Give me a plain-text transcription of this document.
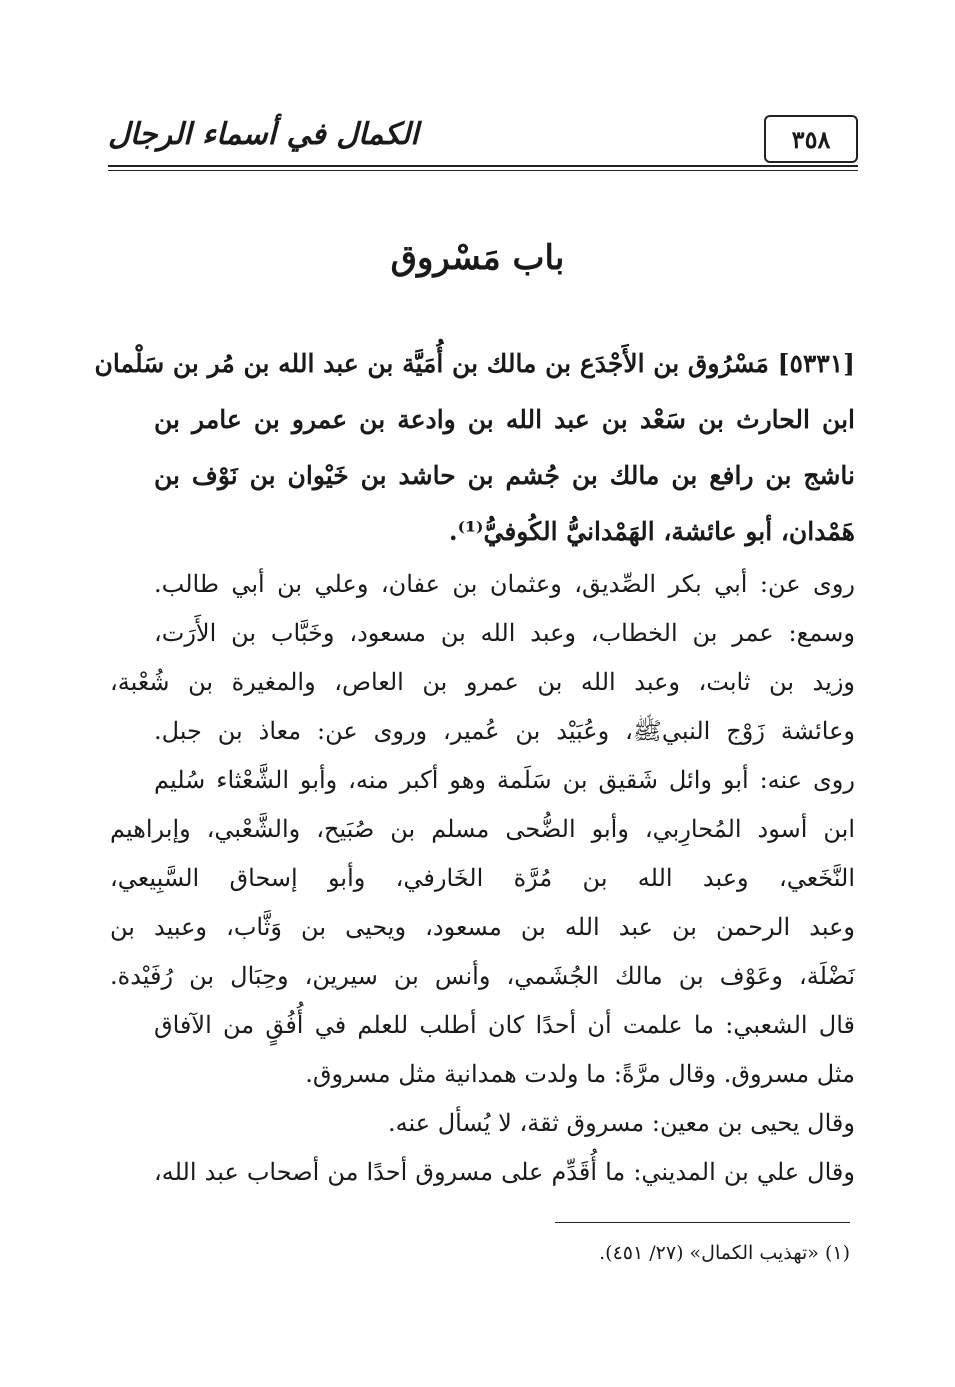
٣٥٨
الكمال في أسماء الرجال
باب مَسْروق
[٥٣٣١] مَسْرُوق بن الأَجْدَع بن مالك بن أُمَيَّة بن عبد الله بن مُر بن سَلْمان
ابن الحارث بن سَعْد بن عبد الله بن وادعة بن عمرو بن عامر بن
ناشج بن رافع بن مالك بن جُشم بن حاشد بن خَيْوان بن نَوْف بن
هَمْدان، أبو عائشة، الهَمْدانيُّ الكُوفيُّ⁽¹⁾.
روى عن: أبي بكر الصِّديق، وعثمان بن عفان، وعلي بن أبي طالب.
وسمع: عمر بن الخطاب، وعبد الله بن مسعود، وخَبَّاب بن الأَرَت،
وزيد بن ثابت، وعبد الله بن عمرو بن العاص، والمغيرة بن شُعْبة،
وعائشة زَوْج النبيﷺ، وعُبَيْد بن عُمير، وروى عن: معاذ بن جبل.
روى عنه: أبو وائل شَقيق بن سَلَمة وهو أكبر منه، وأبو الشَّعْثاء سُليم
ابن أسود المُحارِبي، وأبو الضُّحى مسلم بن صُبَيح، والشَّعْبي، وإبراهيم
النَّخَعي، وعبد الله بن مُرَّة الخَارفي، وأبو إسحاق السَّبِيعي،
وعبد الرحمن بن عبد الله بن مسعود، ويحيى بن وَثَّاب، وعبيد بن
نَضْلَة، وعَوْف بن مالك الجُشَمي، وأنس بن سيرين، وحِبَال بن رُفَيْدة.
قال الشعبي: ما علمت أن أحدًا كان أطلب للعلم في أُفُقٍ من الآفاق
مثل مسروق. وقال مرَّةً: ما ولدت همدانية مثل مسروق.
وقال يحيى بن معين: مسروق ثقة، لا يُسأل عنه.
وقال علي بن المديني: ما أُقَدِّم على مسروق أحدًا من أصحاب عبد الله،
(١) «تهذيب الكمال» (٢٧/ ٤٥١).
